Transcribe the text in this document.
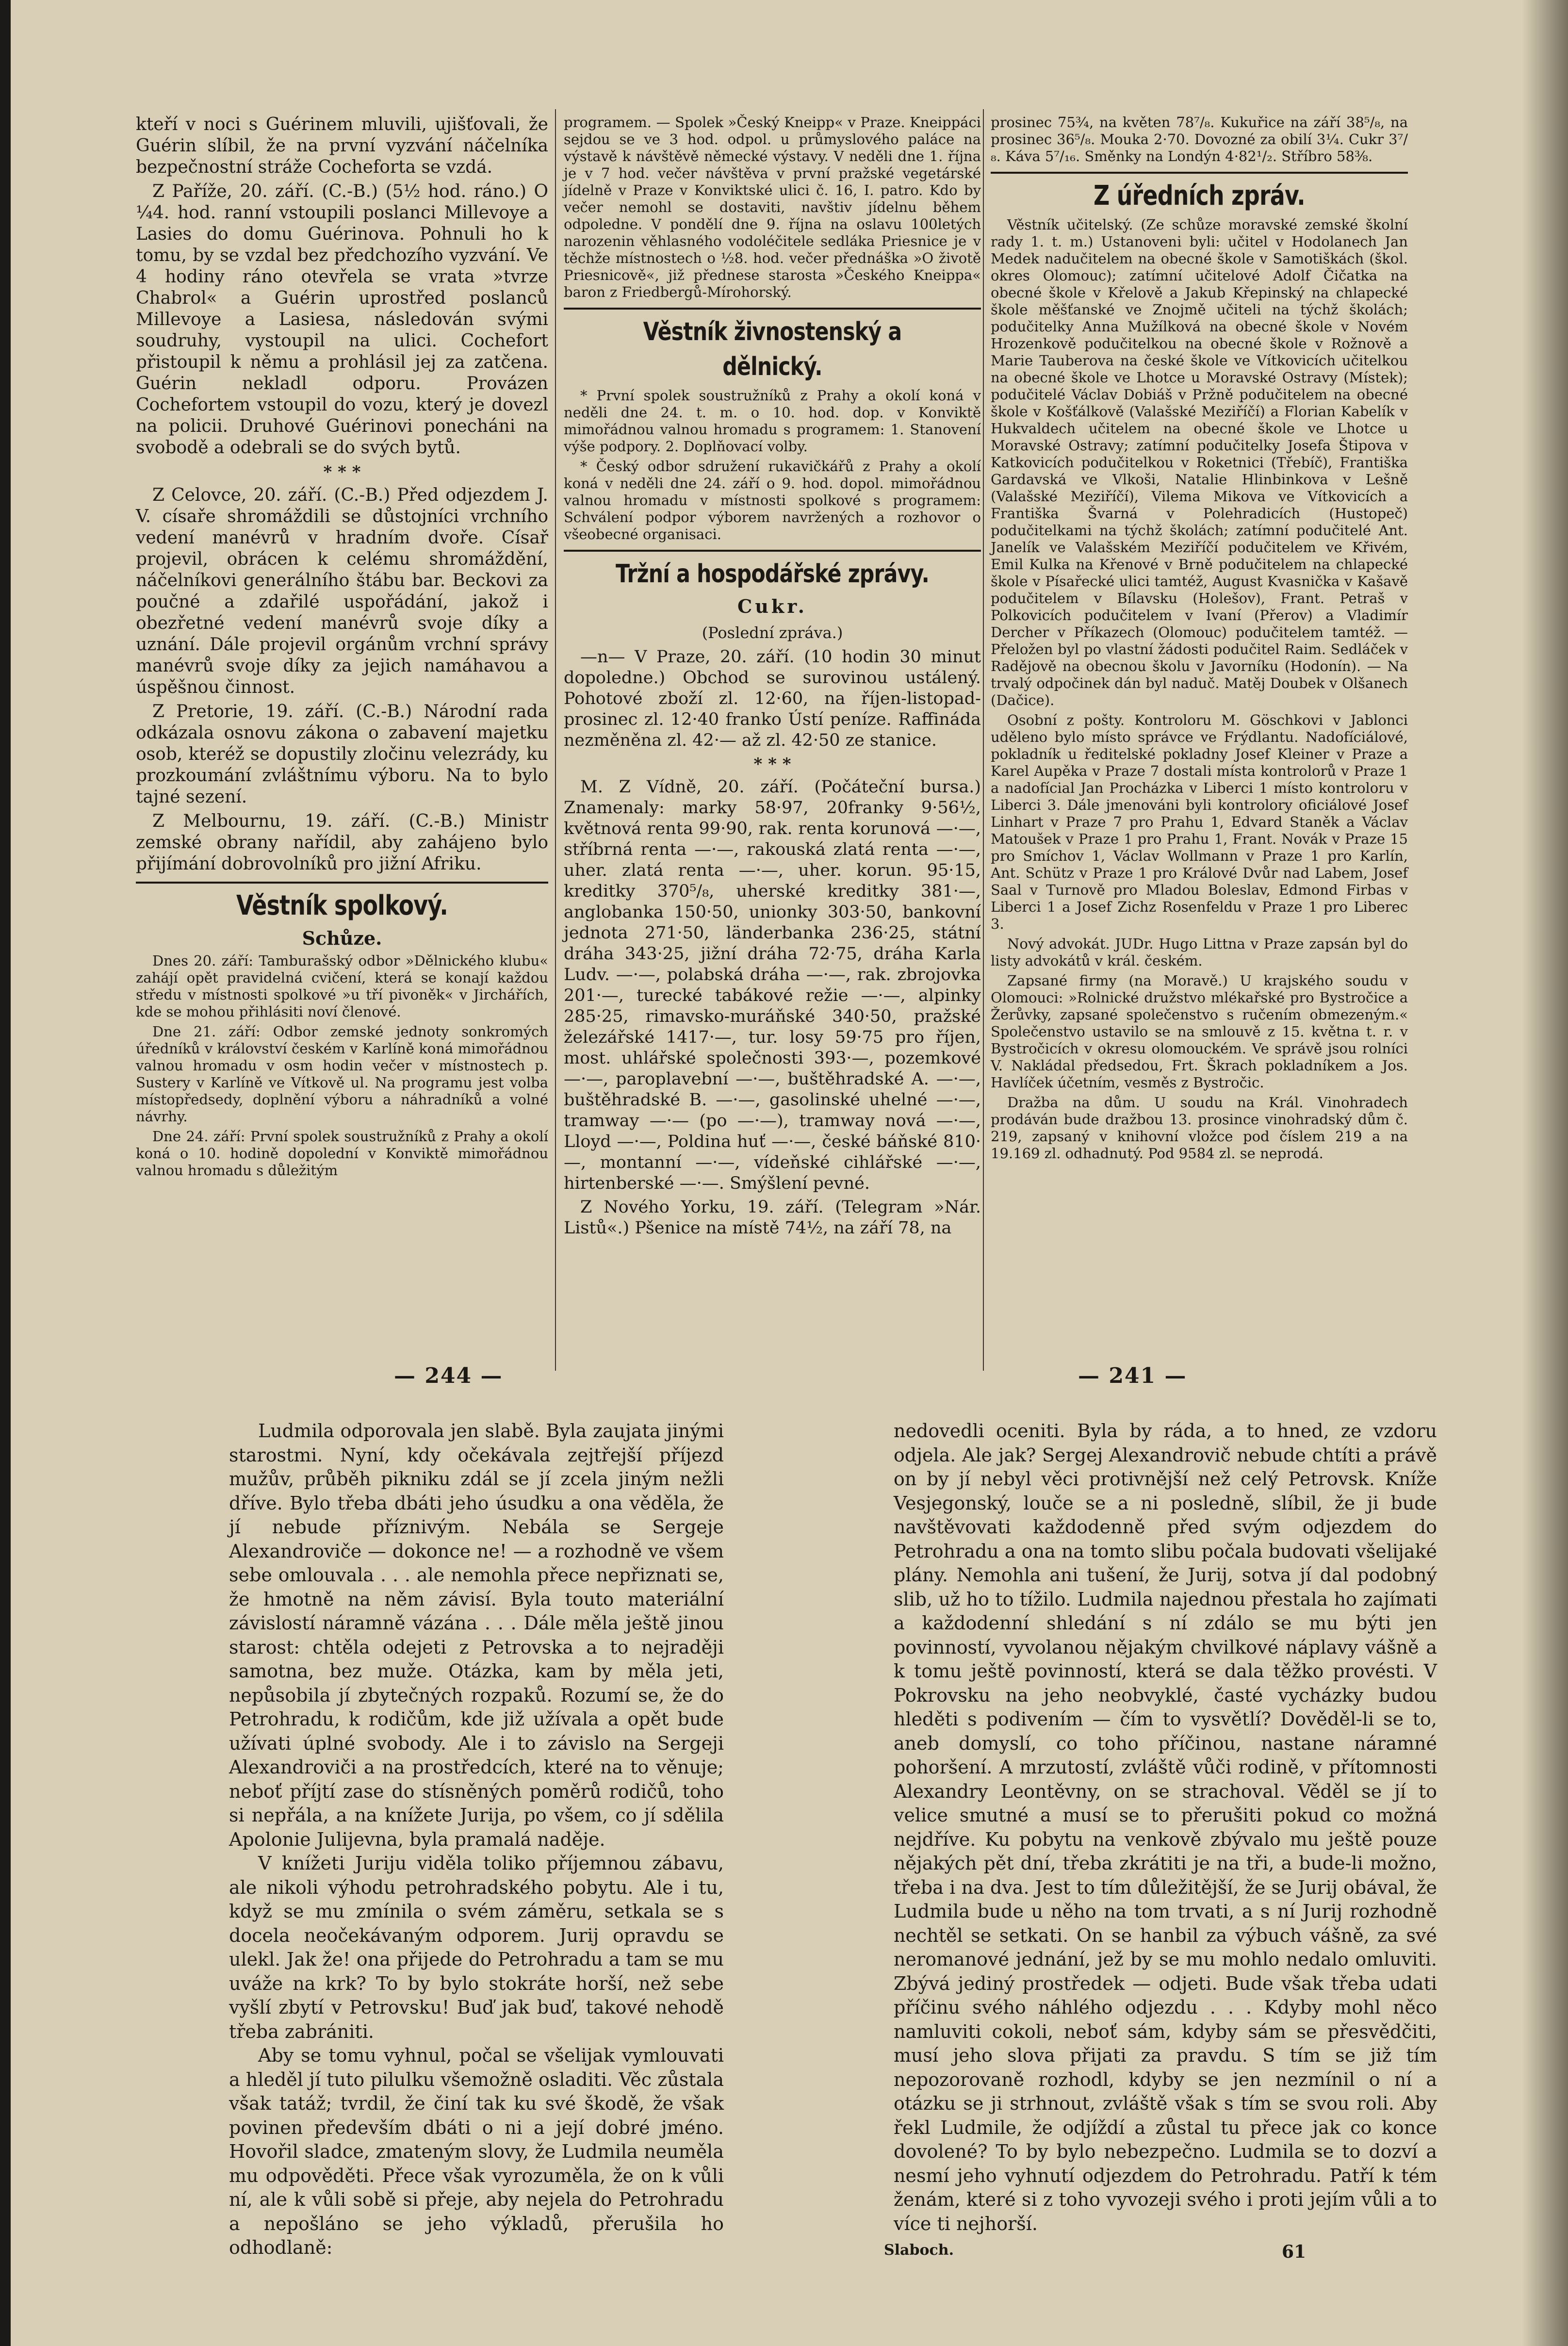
kteří v noci s Guérinem mluvili, ujišťovali, že Guérin slíbil, že na první vyzvání náčelníka bezpečnostní stráže Cocheforta se vzdá.

Z Paříže, 20. září. (C.-B.) (5½ hod. ráno.) O ¼4. hod. ranní vstoupili poslanci Millevoye a Lasies do domu Guérinova. Pohnuli ho k tomu, by se vzdal bez předchozího vyzvání. Ve 4 hodiny ráno otevřela se vrata »tvrze Chabrol« a Guérin uprostřed poslanců Millevoye a Lasiesa, následován svými soudruhy, vystoupil na ulici. Cochefort přistoupil k němu a prohlásil jej za zatčena. Guérin nekladl odporu. Provázen Cochefortem vstoupil do vozu, který je dovezl na policii. Druhové Guérinovi ponecháni na svobodě a odebrali se do svých bytů.

* * *

Z Celovce, 20. září. (C.-B.) Před odjezdem J. V. císaře shromáždili se důstojníci vrchního vedení manévrů v hradním dvoře. Císař projevil, obrácen k celému shromáždění, náčelníkovi generálního štábu bar. Beckovi za poučné a zdařilé uspořádání, jakož i obezřetné vedení manévrů svoje díky a uznání. Dále projevil orgánům vrchní správy manévrů svoje díky za jejich namáhavou a úspěšnou činnost.

Z Pretorie, 19. září. (C.-B.) Národní rada odkázala osnovu zákona o zabavení majetku osob, kteréž se dopustily zločinu velezrády, ku prozkoumání zvláštnímu výboru. Na to bylo tajné sezení.

Z Melbournu, 19. září. (C.-B.) Ministr zemské obrany nařídil, aby zahájeno bylo přijímání dobrovolníků pro jižní Afriku.

Věstník spolkový.
Schůze.

Dnes 20. září: Tamburašský odbor »Dělnického klubu« zahájí opět pravidelná cvičení, která se konají každou středu v místnosti spolkové »u tří pivoněk« v Jirchářích, kde se mohou přihlásiti noví členové.

Dne 21. září: Odbor zemské jednoty sonkromých úředníků v království českém v Karlíně koná mimořádnou valnou hromadu v osm hodin večer v místnostech p. Sustery v Karlíně ve Vítkově ul. Na programu jest volba místopředsedy, doplnění výboru a náhradníků a volné návrhy.

Dne 24. září: První spolek soustružníků z Prahy a okolí koná o 10. hodině dopolední v Konviktě mimořádnou valnou hromadu s důležitým

programem. — Spolek »Český Kneipp« v Praze. Kneippáci sejdou se ve 3 hod. odpol. u průmyslového paláce na výstavě k návštěvě německé výstavy. V neděli dne 1. října je v 7 hod. večer návštěva v první pražské vegetárské jídelně v Praze v Konviktské ulici č. 16, I. patro. Kdo by večer nemohl se dostaviti, navštiv jídelnu během odpoledne. V pondělí dne 9. října na oslavu 100letých narozenin věhlasného vodoléčitele sedláka Priesnice je v těchže místnostech o ½8. hod. večer přednáška »O životě Priesnicově«, již přednese starosta »Českého Kneippa« baron z Friedbergů-Mírohorský.

Věstník živnostenský a dělnický.

* První spolek soustružníků z Prahy a okolí koná v neděli dne 24. t. m. o 10. hod. dop. v Konviktě mimořádnou valnou hromadu s programem: 1. Stanovení výše podpory. 2. Doplňovací volby.

* Český odbor sdružení rukavičkářů z Prahy a okolí koná v neděli dne 24. září o 9. hod. dopol. mimořádnou valnou hromadu v místnosti spolkové s programem: Schválení podpor výborem navržených a rozhovor o všeobecné organisaci.

Tržní a hospodářské zprávy.
Cukr.
(Poslední zpráva.)

—n— V Praze, 20. září. (10 hodin 30 minut dopoledne.) Obchod se surovinou ustálený. Pohotové zboží zl. 12·60, na říjen-listopad-prosinec zl. 12·40 franko Ústí peníze. Raffináda nezměněna zl. 42·— až zl. 42·50 ze stanice.

* * *

M. Z Vídně, 20. září. (Počáteční bursa.) Znamenaly: marky 58·97, 20franky 9·56½, květnová renta 99·90, rak. renta korunová —·—, stříbrná renta —·—, rakouská zlatá renta —·—, uher. zlatá renta —·—, uher. korun. 95·15, kreditky 370⁵/₈, uherské kreditky 381·—, anglobanka 150·50, unionky 303·50, bankovní jednota 271·50, länderbanka 236·25, státní dráha 343·25, jižní dráha 72·75, dráha Karla Ludv. —·—, polabská dráha —·—, rak. zbrojovka 201·—, turecké tabákové režie —·—, alpinky 285·25, rimavsko-muráňské 340·50, pražské železářské 1417·—, tur. losy 59·75 pro říjen, most. uhlářské společnosti 393·—, pozemkové —·—, paroplavební —·—, buštěhradské A. —·—, buštěhradské B. —·—, gasolinské uhelné —·—, tramway —·— (po —·—), tramway nová —·—, Lloyd —·—, Poldina huť —·—, české báňské 810·—, montanní —·—, vídeňské cihlářské —·—, hirtenberské —·—. Smýšlení pevné.

Z Nového Yorku, 19. září. (Telegram »Nár. Listů«.) Pšenice na místě 74½, na září 78, na

prosinec 75¾, na květen 78⁷/₈. Kukuřice na září 38⁵/₈, na prosinec 36⁵/₈. Mouka 2·70. Dovozné za obilí 3¼. Cukr 3⁷/₈. Káva 5⁷/₁₆. Směnky na Londýn 4·82¹/₂. Stříbro 58⅜.

Z úředních zpráv.

Věstník učitelský. (Ze schůze moravské zemské školní rady 1. t. m.) Ustanoveni byli: učitel v Hodolanech Jan Medek nadučitelem na obecné škole v Samotiškách (škol. okres Olomouc); zatímní učitelové Adolf Čičatka na obecné škole v Křelově a Jakub Křepinský na chlapecké škole měšťanské ve Znojmě učiteli na týchž školách; podučitelky Anna Mužílková na obecné škole v Novém Hrozenkově podučitelkou na obecné škole v Rožnově a Marie Tauberova na české škole ve Vítkovicích učitelkou na obecné škole ve Lhotce u Moravské Ostravy (Místek); podučitelé Václav Dobiáš v Pržně podučitelem na obecné škole v Košťálkově (Valašské Meziříčí) a Florian Kabelík v Hukvaldech učitelem na obecné škole ve Lhotce u Moravské Ostravy; zatímní podučitelky Josefa Štipova v Katkovicích podučitelkou v Roketnici (Třebíč), Františka Gardavská ve Vlkoši, Natalie Hlinbinkova v Lešně (Valašské Meziříčí), Vilema Mikova ve Vítkovicích a Františka Švarná v Polehradicích (Hustopeč) podučitelkami na týchž školách; zatímní podučitelé Ant. Janelík ve Valašském Meziříčí podučitelem ve Křivém, Emil Kulka na Křenové v Brně podučitelem na chlapecké škole v Písařecké ulici tamtéž, August Kvasnička v Kašavě podučitelem v Bílavsku (Holešov), Frant. Petraš v Polkovicích podučitelem v Ivaní (Přerov) a Vladimír Dercher v Příkazech (Olomouc) podučitelem tamtéž. — Přeložen byl po vlastní žádosti podučitel Raim. Sedláček v Radějově na obecnou školu v Javorníku (Hodonín). — Na trvalý odpočinek dán byl naduč. Matěj Doubek v Olšanech (Dačice).

Osobní z pošty. Kontroloru M. Göschkovi v Jablonci uděleno bylo místo správce ve Frýdlantu. Nadofíciálové, pokladník u ředitelské pokladny Josef Kleiner v Praze a Karel Aupěka v Praze 7 dostali místa kontrolorů v Praze 1 a nadofícial Jan Procházka v Liberci 1 místo kontroloru v Liberci 3. Dále jmenováni byli kontrolory oficiálové Josef Linhart v Praze 7 pro Prahu 1, Edvard Staněk a Václav Matoušek v Praze 1 pro Prahu 1, Frant. Novák v Praze 15 pro Smíchov 1, Václav Wollmann v Praze 1 pro Karlín, Ant. Schütz v Praze 1 pro Králové Dvůr nad Labem, Josef Saal v Turnově pro Mladou Boleslav, Edmond Firbas v Liberci 1 a Josef Zichz Rosenfeldu v Praze 1 pro Liberec 3.

Nový advokát. JUDr. Hugo Littna v Praze zapsán byl do listy advokátů v král. českém.

Zapsané firmy (na Moravě.) U krajského soudu v Olomouci: »Rolnické družstvo mlékařské pro Bystročice a Žerůvky, zapsané společenstvo s ručením obmezeným.« Společenstvo ustavilo se na smlouvě z 15. května t. r. v Bystročicích v okresu olomouckém. Ve správě jsou rolníci V. Nakládal předsedou, Frt. Škrach pokladníkem a Jos. Havlíček účetním, vesměs z Bystročic.

Dražba na dům. U soudu na Král. Vinohradech prodáván bude dražbou 13. prosince vinohradský dům č. 219, zapsaný v knihovní vložce pod číslem 219 a na 19.169 zl. odhadnutý. Pod 9584 zl. se neprodá.

— 244 —	— 241 —

Ludmila odporovala jen slabě. Byla zaujata jinými starostmi. Nyní, kdy očekávala zejtřejší příjezd mužův, průběh pikniku zdál se jí zcela jiným nežli dříve. Bylo třeba dbáti jeho úsudku a ona věděla, že jí nebude příznivým. Nebála se Sergeje Alexandroviče — dokonce ne! — a rozhodně ve všem sebe omlouvala . . . ale nemohla přece nepřiznati se, že hmotně na něm závisí. Byla touto materiální závislostí náramně vázána . . . Dále měla ještě jinou starost: chtěla odejeti z Petrovska a to nejraději samotna, bez muže. Otázka, kam by měla jeti, nepůsobila jí zbytečných rozpaků. Rozumí se, že do Petrohradu, k rodičům, kde již užívala a opět bude užívati úplné svobody. Ale i to závislo na Sergeji Alexandroviči a na prostředcích, které na to věnuje; neboť příjtí zase do stísněných poměrů rodičů, toho si nepřála, a na knížete Jurija, po všem, co jí sdělila Apolonie Julijevna, byla pramalá naděje.

V knížeti Juriju viděla toliko příjemnou zábavu, ale nikoli výhodu petrohradského pobytu. Ale i tu, když se mu zmínila o svém záměru, setkala se s docela neočekávaným odporem. Jurij opravdu se ulekl. Jak že! ona přijede do Petrohradu a tam se mu uváže na krk? To by bylo stokráte horší, než sebe vyšlí zbytí v Petrovsku! Buď jak buď, takové nehodě třeba zabrániti.

Aby se tomu vyhnul, počal se všelijak vymlouvati a hleděl jí tuto pilulku všemožně osladiti. Věc zůstala však tatáž; tvrdil, že činí tak ku své škodě, že však povinen především dbáti o ni a její dobré jméno. Hovořil sladce, zmateným slovy, že Ludmila neuměla mu odpověděti. Přece však vyrozuměla, že on k vůli ní, ale k vůli sobě si přeje, aby nejela do Petrohradu a nepošláno se jeho výkladů, přerušila ho odhodlaně:

nedovedli oceniti. Byla by ráda, a to hned, ze vzdoru odjela. Ale jak? Sergej Alexandrovič nebude chtíti a právě on by jí nebyl věci protivnější než celý Petrovsk. Kníže Vesjegonský, louče se a ni posledně, slíbil, že ji bude navštěvovati každodenně před svým odjezdem do Petrohradu a ona na tomto slibu počala budovati všelijaké plány. Nemohla ani tušení, že Jurij, sotva jí dal podobný slib, už ho to tížilo. Ludmila najednou přestala ho zajímati a každodenní shledání s ní zdálo se mu býti jen povinností, vyvolanou nějakým chvilkové náplavy vášně a k tomu ještě povinností, která se dala těžko provésti. V Pokrovsku na jeho neobvyklé, časté vycházky budou hleděti s podivením — čím to vysvětlí? Dověděl-li se to, aneb domyslí, co toho příčinou, nastane náramné pohoršení. A mrzutostí, zvláště vůči rodině, v přítomnosti Alexandry Leontěvny, on se strachoval. Věděl se jí to velice smutné a musí se to přerušiti pokud co možná nejdříve. Ku pobytu na venkově zbývalo mu ještě pouze nějakých pět dní, třeba zkrátiti je na tři, a bude-li možno, třeba i na dva. Jest to tím důležitější, že se Jurij obával, že Ludmila bude u něho na tom trvati, a s ní Jurij rozhodně nechtěl se setkati. On se hanbil za výbuch vášně, za své neromanové jednání, jež by se mu mohlo nedalo omluviti. Zbývá jediný prostředek — odjeti. Bude však třeba udati příčinu svého náhlého odjezdu . . . Kdyby mohl něco namluviti cokoli, neboť sám, kdyby sám se přesvědčiti, musí jeho slova přijati za pravdu. S tím se již tím nepozorovaně rozhodl, kdyby se jen nezmínil o ní a otázku se ji strhnout, zvláště však s tím se svou roli. Aby řekl Ludmile, že odjíždí a zůstal tu přece jak co konce dovolené? To by bylo nebezpečno. Ludmila se to dozví a nesmí jeho vyhnutí odjezdem do Petrohradu. Patří k tém ženám, které si z toho vyvozeji svého i proti jejím vůli a to více ti nejhorší.

Slaboch.	61
